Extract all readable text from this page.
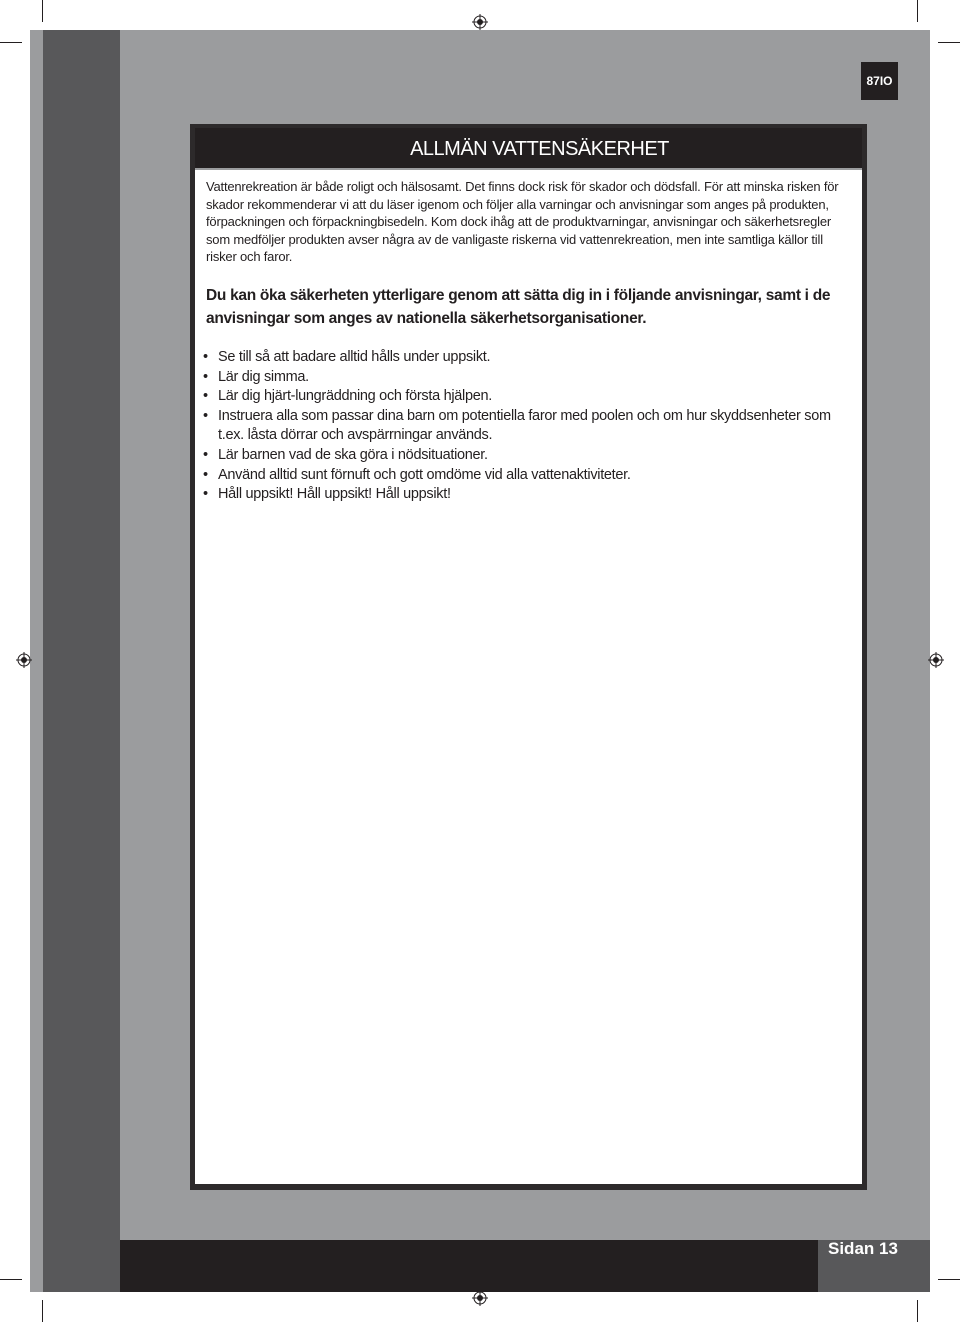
87IO
ALLMÄN VATTENSÄKERHET
Vattenrekreation är både roligt och hälsosamt. Det finns dock risk för skador och dödsfall. För att minska risken för skador rekommenderar vi att du läser igenom och följer alla varningar och anvisningar som anges på produkten, förpackningen och förpackningbisedeln. Kom dock ihåg att de produktvarningar, anvisningar och säkerhetsregler som medföljer produkten avser några av de vanligaste riskerna vid vattenrekreation, men inte samtliga källor till risker och faror.
Du kan öka säkerheten ytterligare genom att sätta dig in i följande anvisningar, samt i de anvisningar som anges av nationella säkerhetsorganisationer.
• Se till så att badare alltid hålls under uppsikt.
• Lär dig simma.
• Lär dig hjärt-lungräddning och första hjälpen.
• Instruera alla som passar dina barn om potentiella faror med poolen och om hur skyddsenheter som t.ex. låsta dörrar och avspärrningar används.
• Lär barnen vad de ska göra i nödsituationer.
• Använd alltid sunt förnuft och gott omdöme vid alla vattenaktiviteter.
• Håll uppsikt! Håll uppsikt! Håll uppsikt!
Sidan 13
